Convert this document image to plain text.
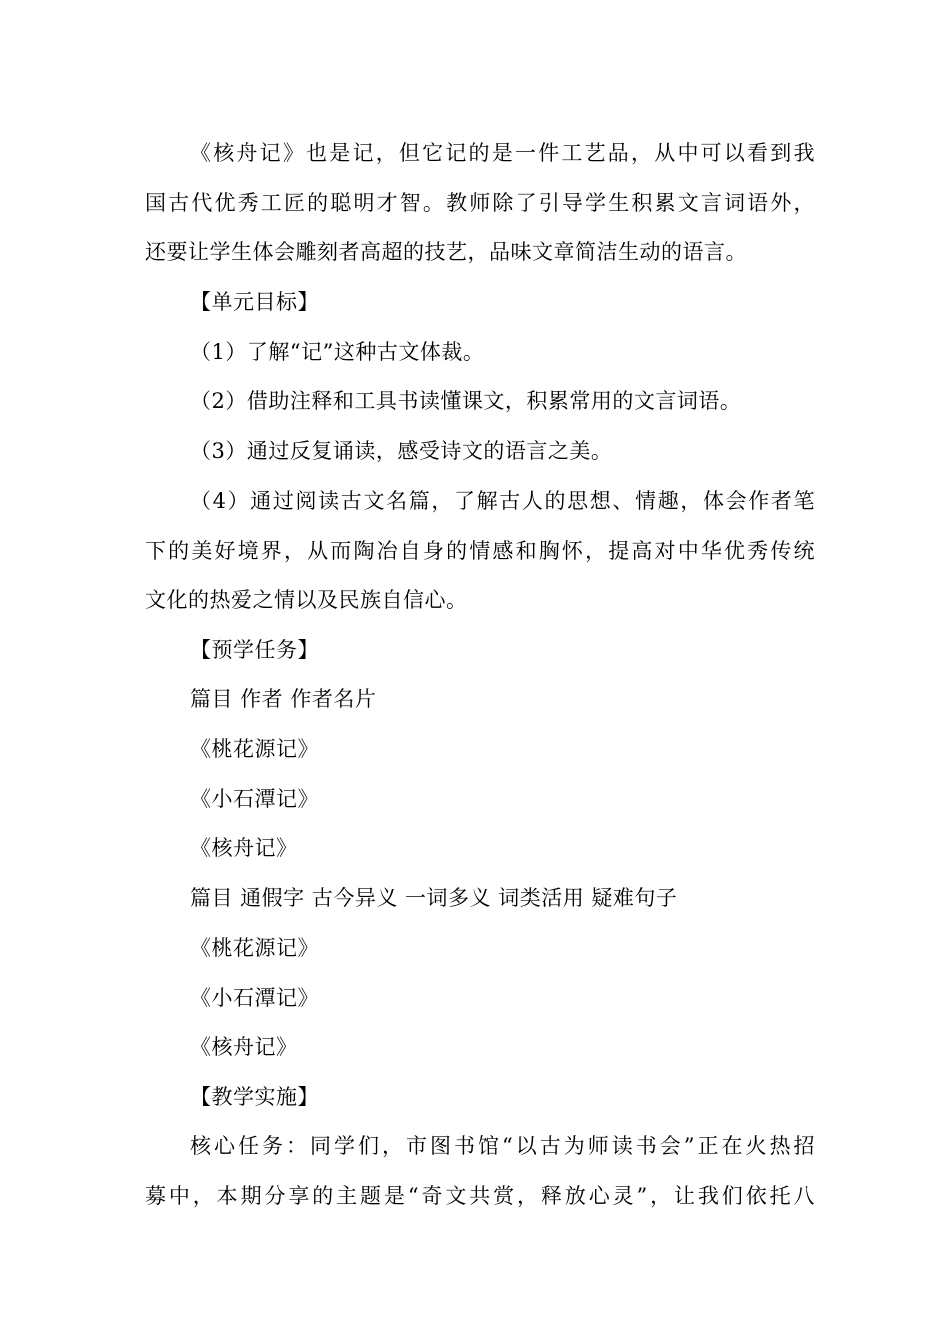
《核舟记》也是记，但它记的是一件工艺品，从中可以看到我
国古代优秀工匠的聪明才智。教师除了引导学生积累文言词语外，
还要让学生体会雕刻者高超的技艺，品味文章简洁生动的语言。
【单元目标】
（1）了解“记”这种古文体裁。
（2）借助注释和工具书读懂课文，积累常用的文言词语。
（3）通过反复诵读，感受诗文的语言之美。
（4）通过阅读古文名篇，了解古人的思想、情趣，体会作者笔
下的美好境界，从而陶冶自身的情感和胸怀，提高对中华优秀传统
文化的热爱之情以及民族自信心。
【预学任务】
篇目 作者 作者名片
《桃花源记》
《小石潭记》
《核舟记》
篇目 通假字 古今异义 一词多义 词类活用 疑难句子
《桃花源记》
《小石潭记》
《核舟记》
【教学实施】
核心任务：同学们，市图书馆“以古为师读书会”正在火热招
募中，本期分享的主题是“奇文共赏，释放心灵”，让我们依托八
